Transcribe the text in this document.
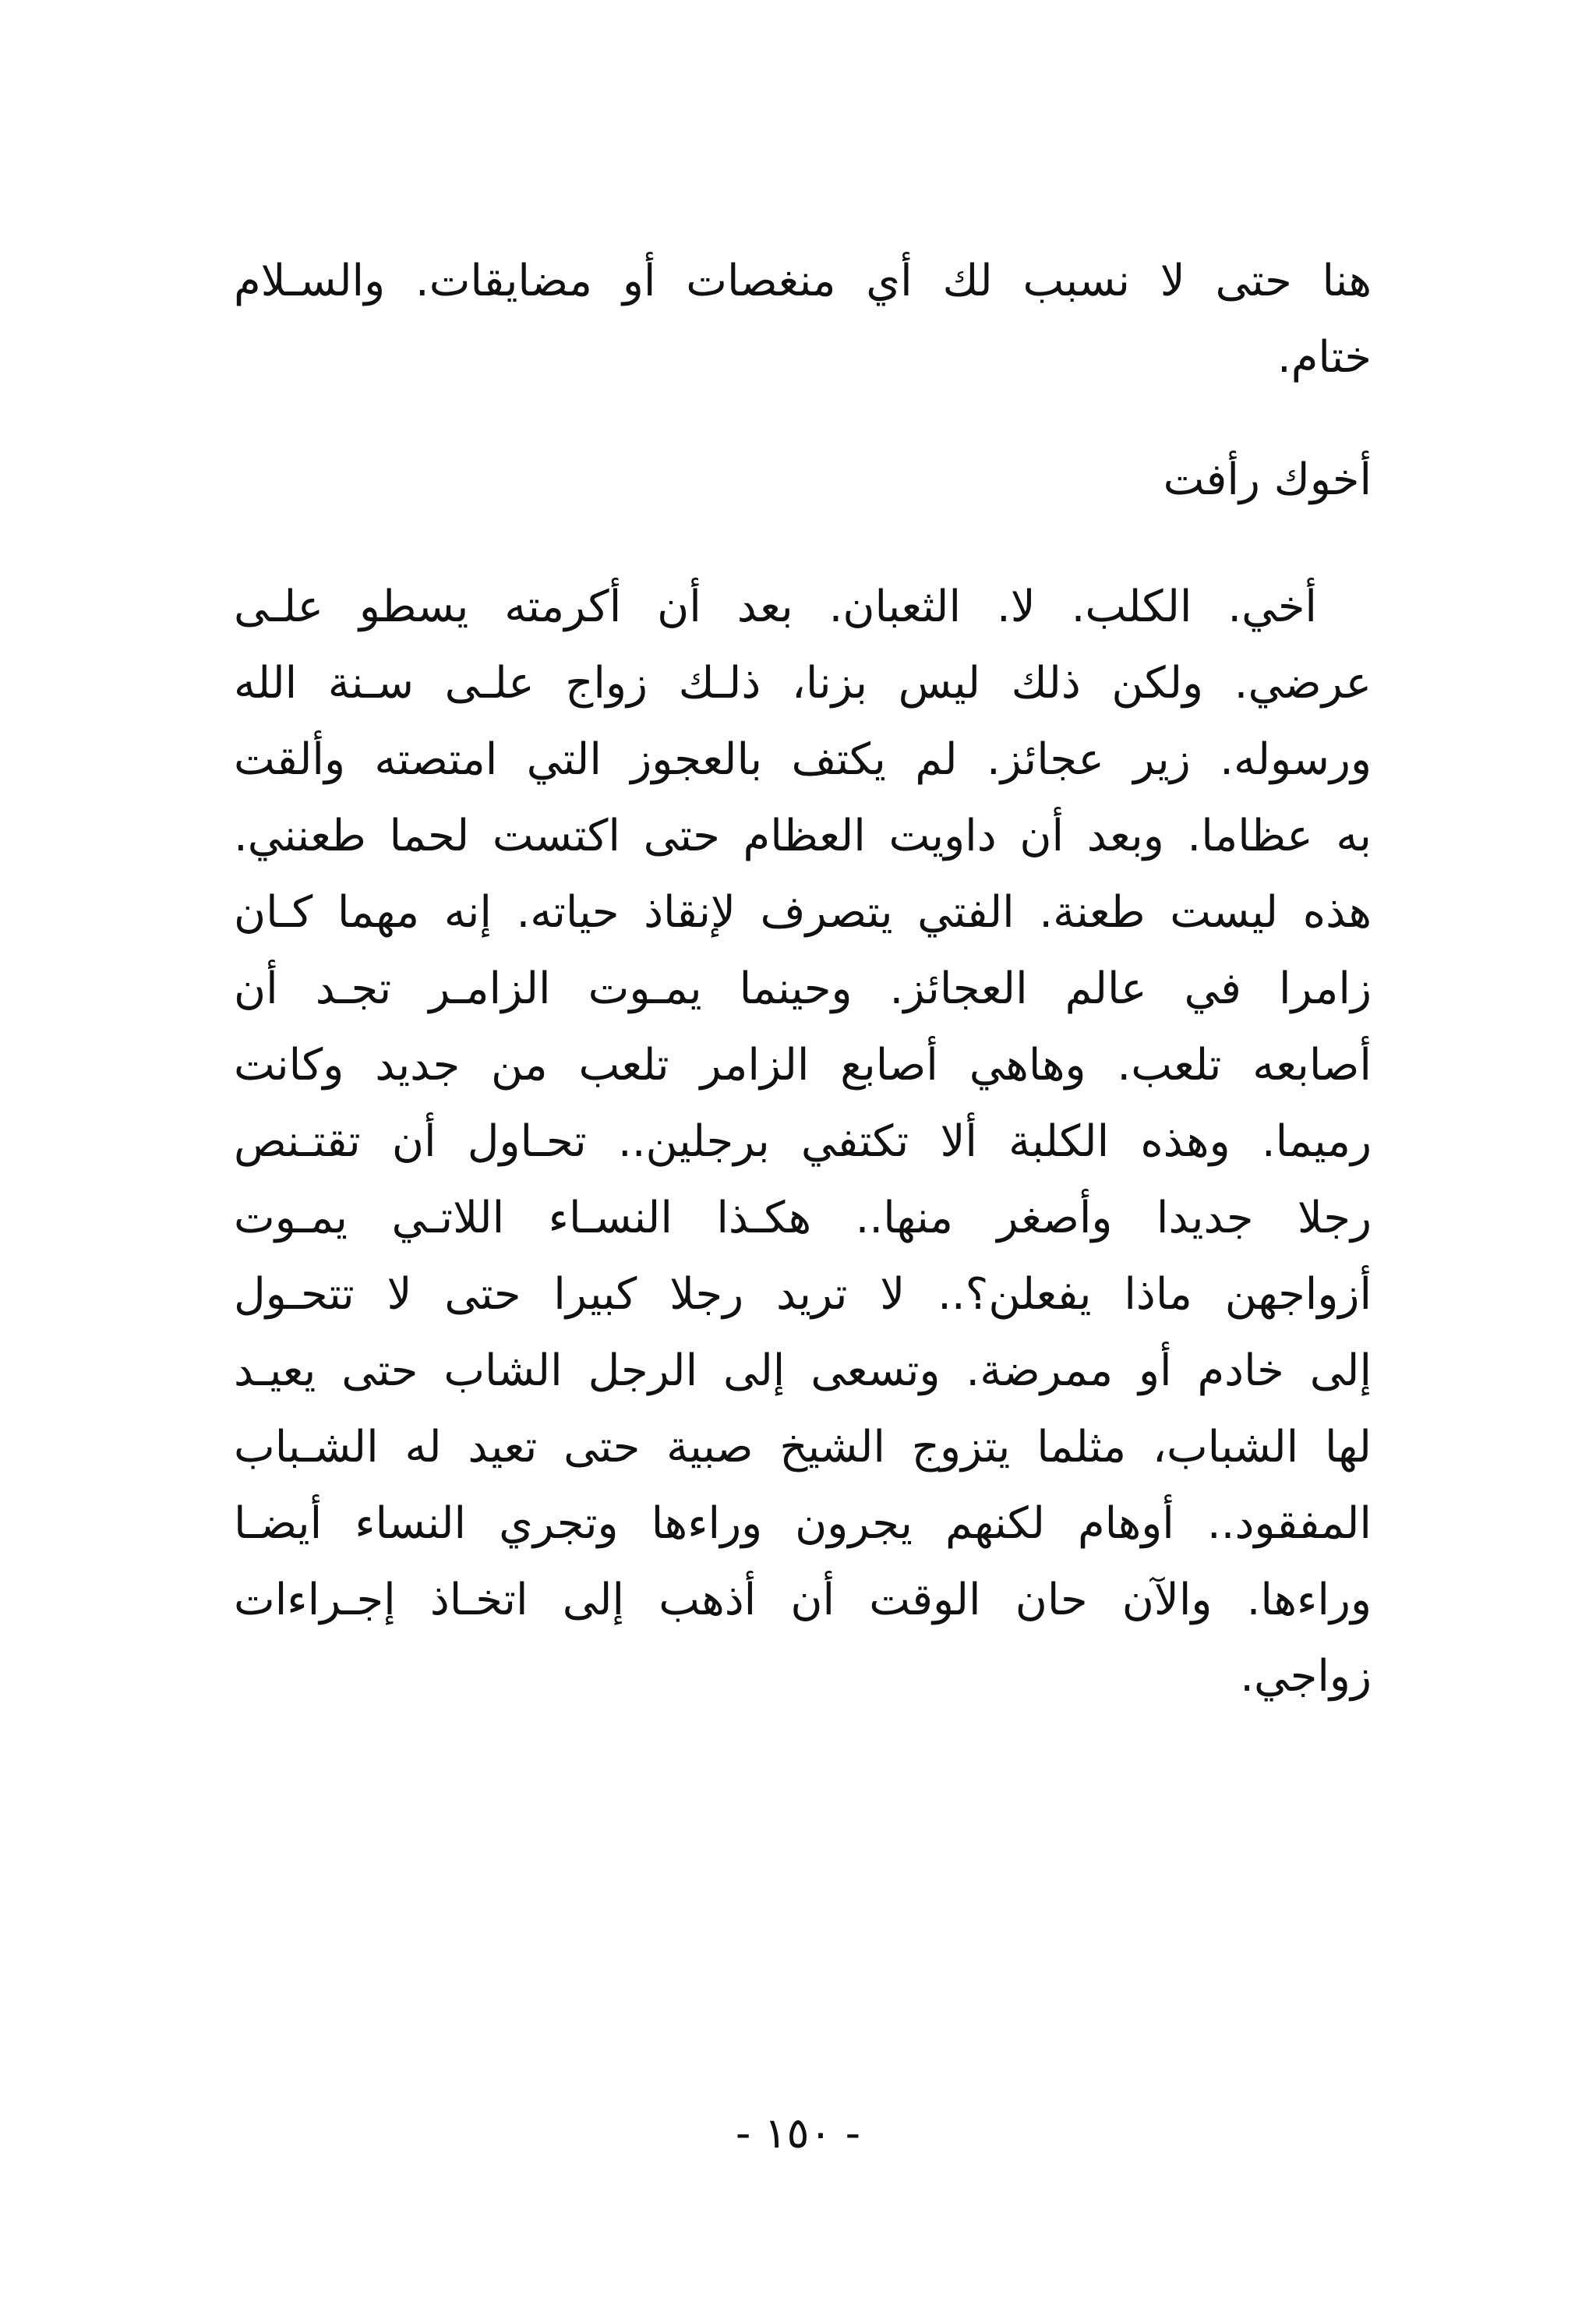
هنا حتى لا نسبب لك أي منغصات أو مضايقات. والسـلام
ختام.
أخوك رأفت
أخي. الكلب. لا. الثعبان. بعد أن أكرمته يسطو علـى
عرضي. ولكن ذلك ليس بزنا، ذلـك زواج علـى سـنة الله
ورسوله. زير عجائز. لم يكتف بالعجوز التي امتصته وألقت
به عظاما. وبعد أن داويت العظام حتى اكتست لحما طعنني.
هذه ليست طعنة. الفتي يتصرف لإنقاذ حياته. إنه مهما كـان
زامرا في عالم العجائز. وحينما يمـوت الزامـر تجـد أن
أصابعه تلعب. وهاهي أصابع الزامر تلعب من جديد وكانت
رميما. وهذه الكلبة ألا تكتفي برجلين.. تحـاول أن تقتـنص
رجلا جديدا وأصغر منها.. هكـذا النسـاء اللاتـي يمـوت
أزواجهن ماذا يفعلن؟.. لا تريد رجلا كبيرا حتى لا تتحـول
إلى خادم أو ممرضة. وتسعى إلى الرجل الشاب حتى يعيـد
لها الشباب، مثلما يتزوج الشيخ صبية حتى تعيد له الشـباب
المفقود.. أوهام لكنهم يجرون وراءها وتجري النساء أيضـا
وراءها. والآن حان الوقت أن أذهب إلى اتخـاذ إجـراءات
زواجي.
- ١٥٠ -
